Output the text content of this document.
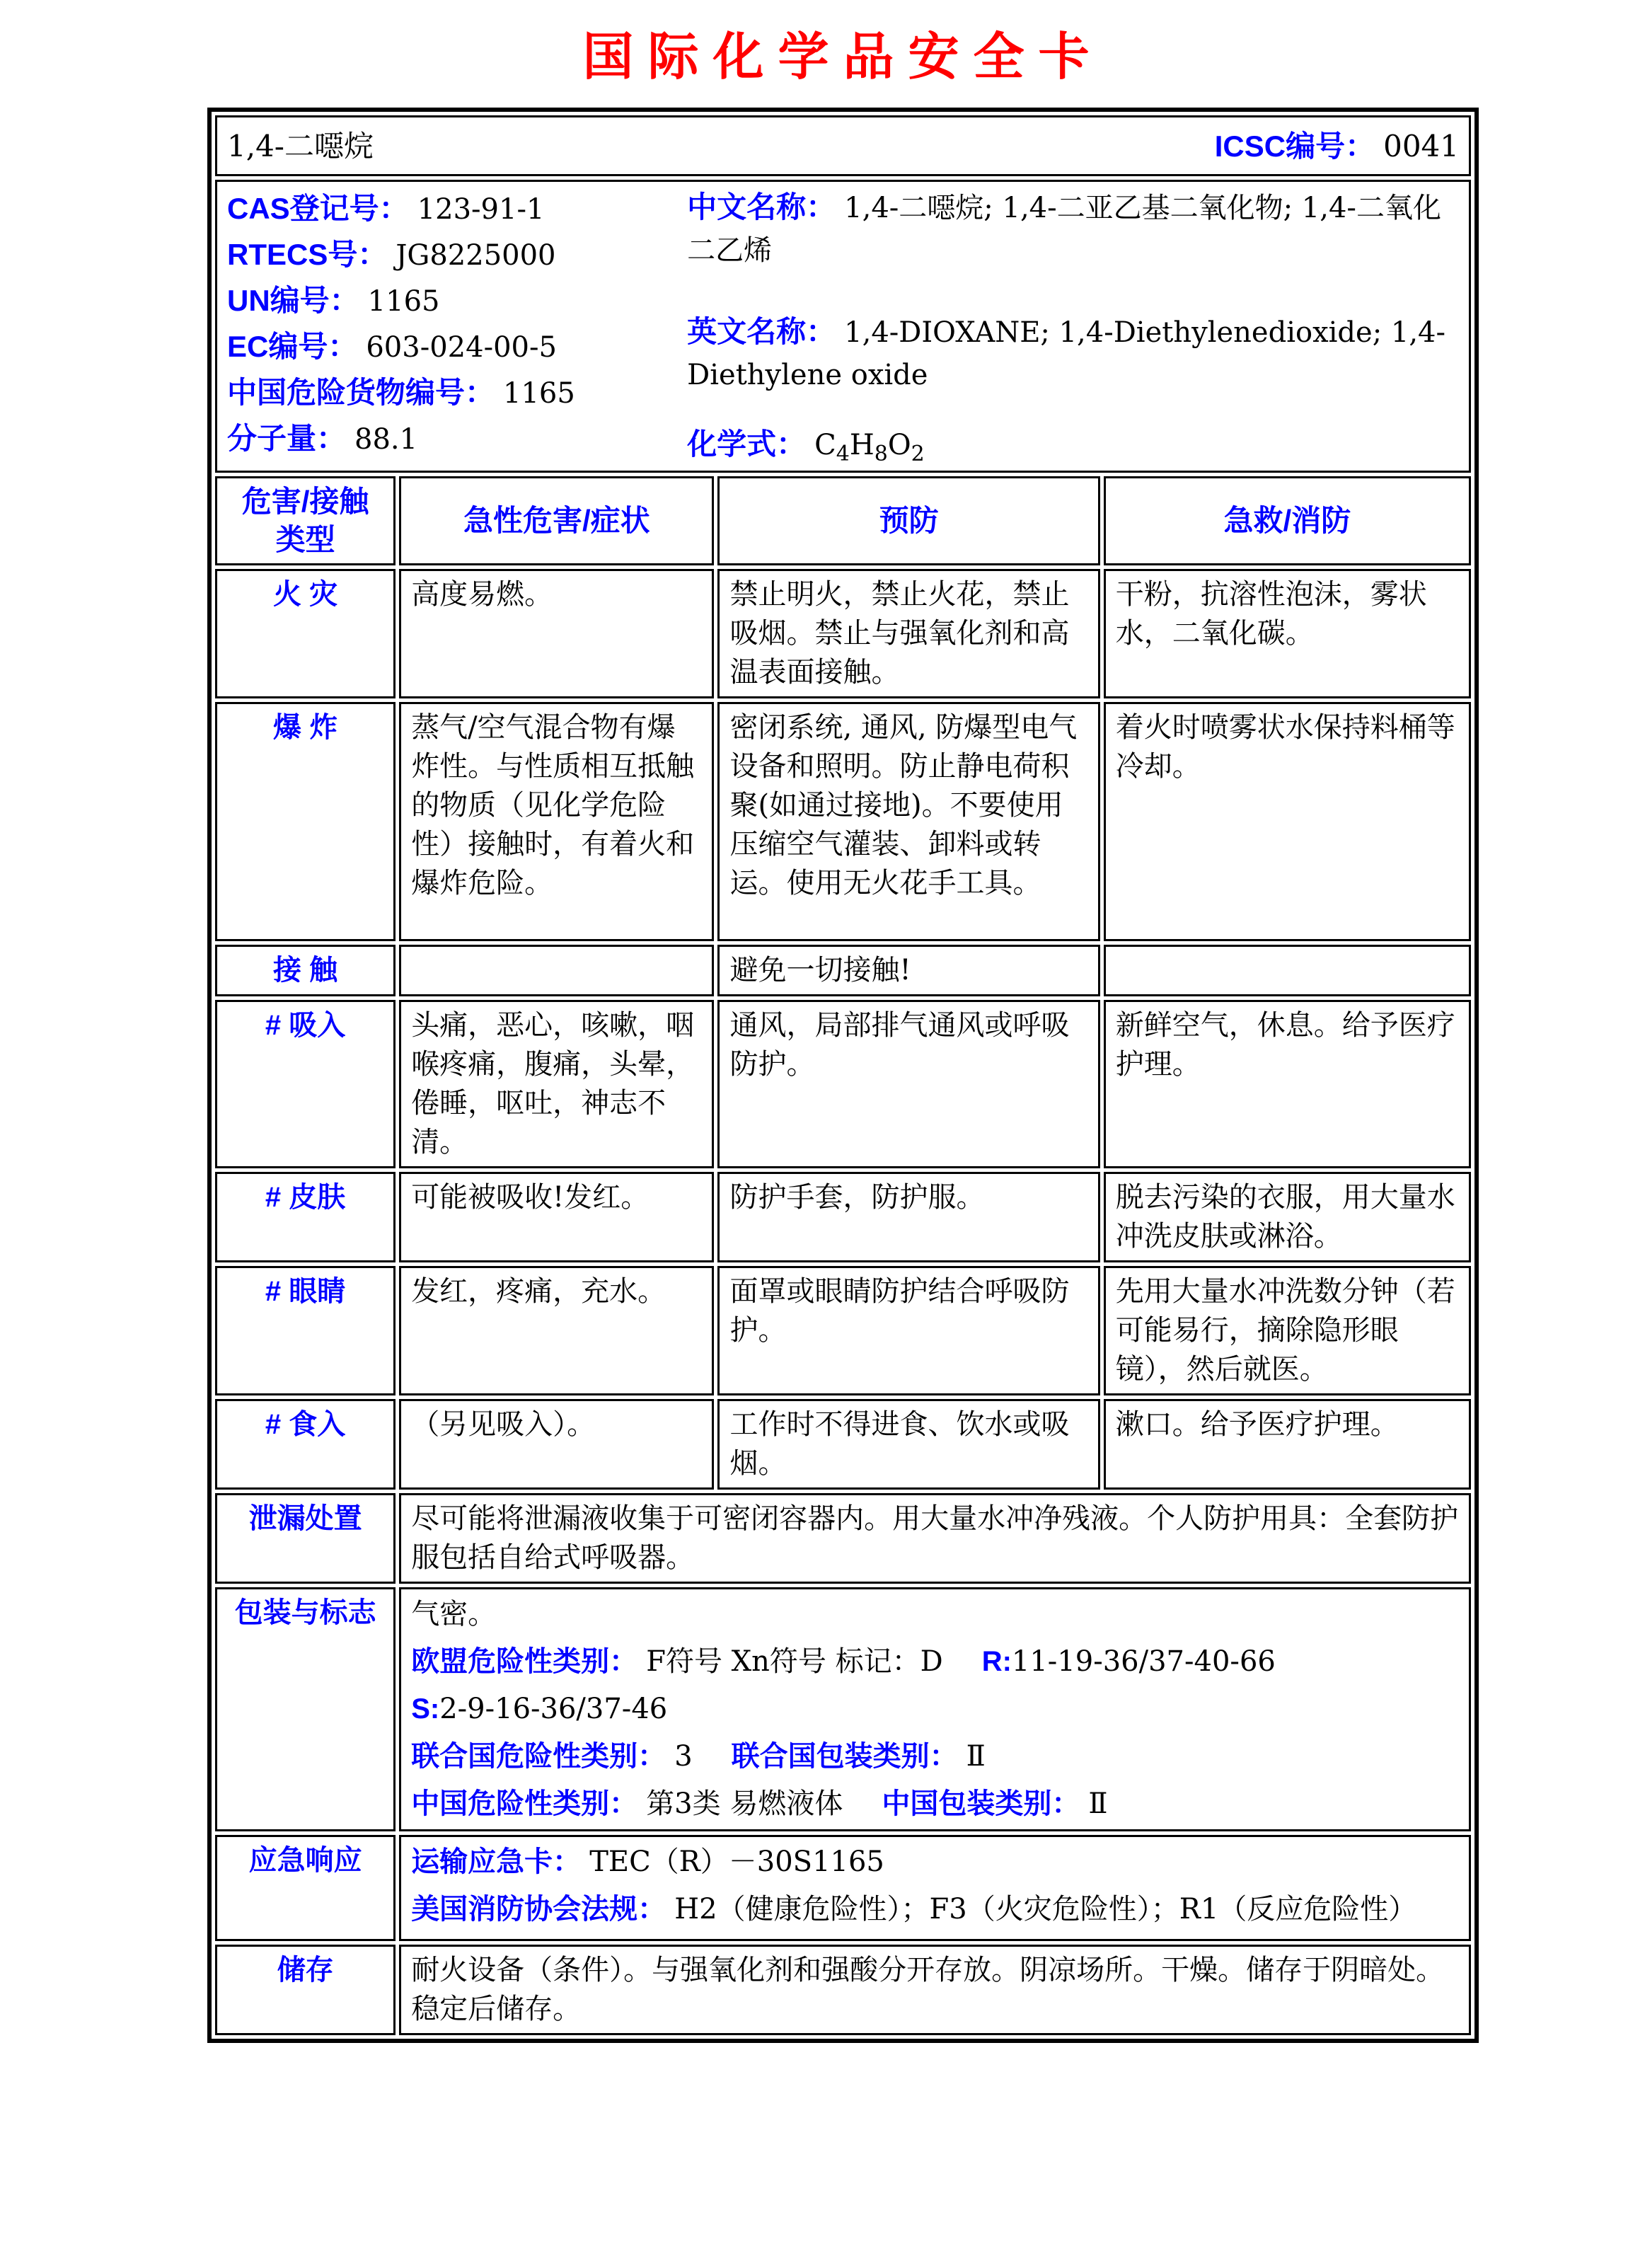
国际化学品安全卡
1,4-二噁烷 ICSC编号： 0041			

CAS登记号： 123-91-1
RTECS号： JG8225000
UN编号： 1165
EC编号： 603-024-00-5
中国危险货物编号： 1165
分子量： 88.1
中文名称： 1,4-二噁烷; 1,4-二亚乙基二氧化物; 1,4-二氧化二乙烯
英文名称： 1,4-DIOXANE; 1,4-Diethylenedioxide; 1,4-Diethylene oxide
化学式： $C_4H_8O_2$

危害/接触
类型	急性危害/症状	预防	急救/消防
火 灾	高度易燃。	禁止明火，禁止火花，禁止吸烟。禁止与强氧化剂和高温表面接触。	干粉，抗溶性泡沫，雾状水，二氧化碳。
爆 炸	蒸气/空气混合物有爆炸性。与性质相互抵触的物质（见化学危险性）接触时，有着火和爆炸危险。	密闭系统, 通风, 防爆型电气设备和照明。防止静电荷积聚(如通过接地)。不要使用压缩空气灌装、卸料或转运。使用无火花手工具。	着火时喷雾状水保持料桶等冷却。
接 触		避免一切接触!	
# 吸入	头痛，恶心，咳嗽，咽喉疼痛，腹痛，头晕，倦睡，呕吐，神志不清。	通风，局部排气通风或呼吸防护。	新鲜空气，休息。给予医疗护理。
# 皮肤	可能被吸收!发红。	防护手套，防护服。	脱去污染的衣服，用大量水冲洗皮肤或淋浴。
# 眼睛	发红，疼痛，充水。	面罩或眼睛防护结合呼吸防护。	先用大量水冲洗数分钟（若可能易行，摘除隐形眼镜），然后就医。
# 食入	（另见吸入）。	工作时不得进食、饮水或吸烟。	漱口。给予医疗护理。
泄漏处置	尽可能将泄漏液收集于可密闭容器内。用大量水冲净残液。个人防护用具：全套防护服包括自给式呼吸器。		
包装与标志	气密。
欧盟危险性类别： F符号 Xn符号 标记：D R:11-19-36/37-40-66
S:2-9-16-36/37-46
联合国危险性类别： 3 联合国包装类别： Ⅱ
中国危险性类别： 第3类 易燃液体 中国包装类别： Ⅱ		

应急响应	运输应急卡： TEC（R）－30S1165
美国消防协会法规： H2（健康危险性）；F3（火灾危险性）；R1（反应危险性）		

储存	耐火设备（条件）。与强氧化剂和强酸分开存放。阴凉场所。干燥。储存于阴暗处。稳定后储存。		
